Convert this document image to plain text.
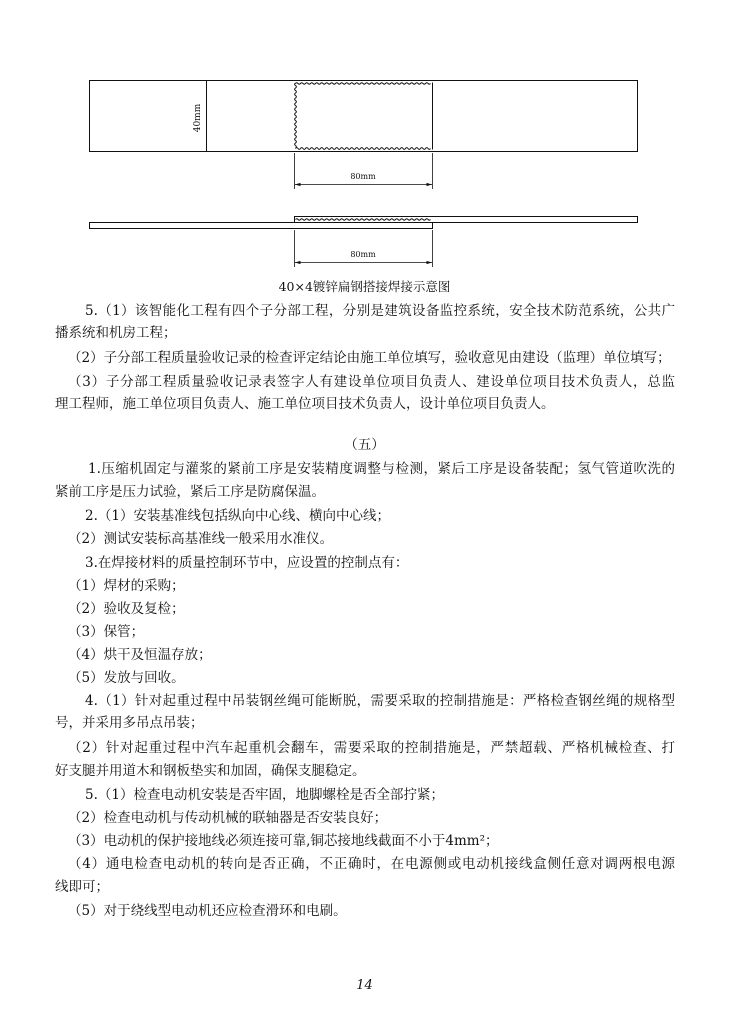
40mm
80mm
80mm
40×4镀锌扁钢搭接焊接示意图
5.（1）该智能化工程有四个子分部工程，分别是建筑设备监控系统，安全技术防范系统，公共广
播系统和机房工程；
（2）子分部工程质量验收记录的检查评定结论由施工单位填写，验收意见由建设（监理）单位填写；
（3）子分部工程质量验收记录表签字人有建设单位项目负责人、建设单位项目技术负责人，总监
理工程师，施工单位项目负责人、施工单位项目技术负责人，设计单位项目负责人。
（五）
1.压缩机固定与灌浆的紧前工序是安装精度调整与检测，紧后工序是设备装配；氢气管道吹洗的
紧前工序是压力试验，紧后工序是防腐保温。
2.（1）安装基准线包括纵向中心线、横向中心线；
（2）测试安装标高基准线一般采用水准仪。
3.在焊接材料的质量控制环节中，应设置的控制点有：
（1）焊材的采购；
（2）验收及复检；
（3）保管；
（4）烘干及恒温存放；
（5）发放与回收。
4.（1）针对起重过程中吊装钢丝绳可能断脱，需要采取的控制措施是：严格检查钢丝绳的规格型
号，并采用多吊点吊装；
（2）针对起重过程中汽车起重机会翻车，需要采取的控制措施是，严禁超载、严格机械检查、打
好支腿并用道木和钢板垫实和加固，确保支腿稳定。
5.（1）检查电动机安装是否牢固，地脚螺栓是否全部拧紧；
（2）检查电动机与传动机械的联轴器是否安装良好；
（3）电动机的保护接地线必须连接可靠,铜芯接地线截面不小于4mm²；
（4）通电检查电动机的转向是否正确，不正确时，在电源侧或电动机接线盒侧任意对调两根电源
线即可；
（5）对于绕线型电动机还应检查滑环和电刷。
14
